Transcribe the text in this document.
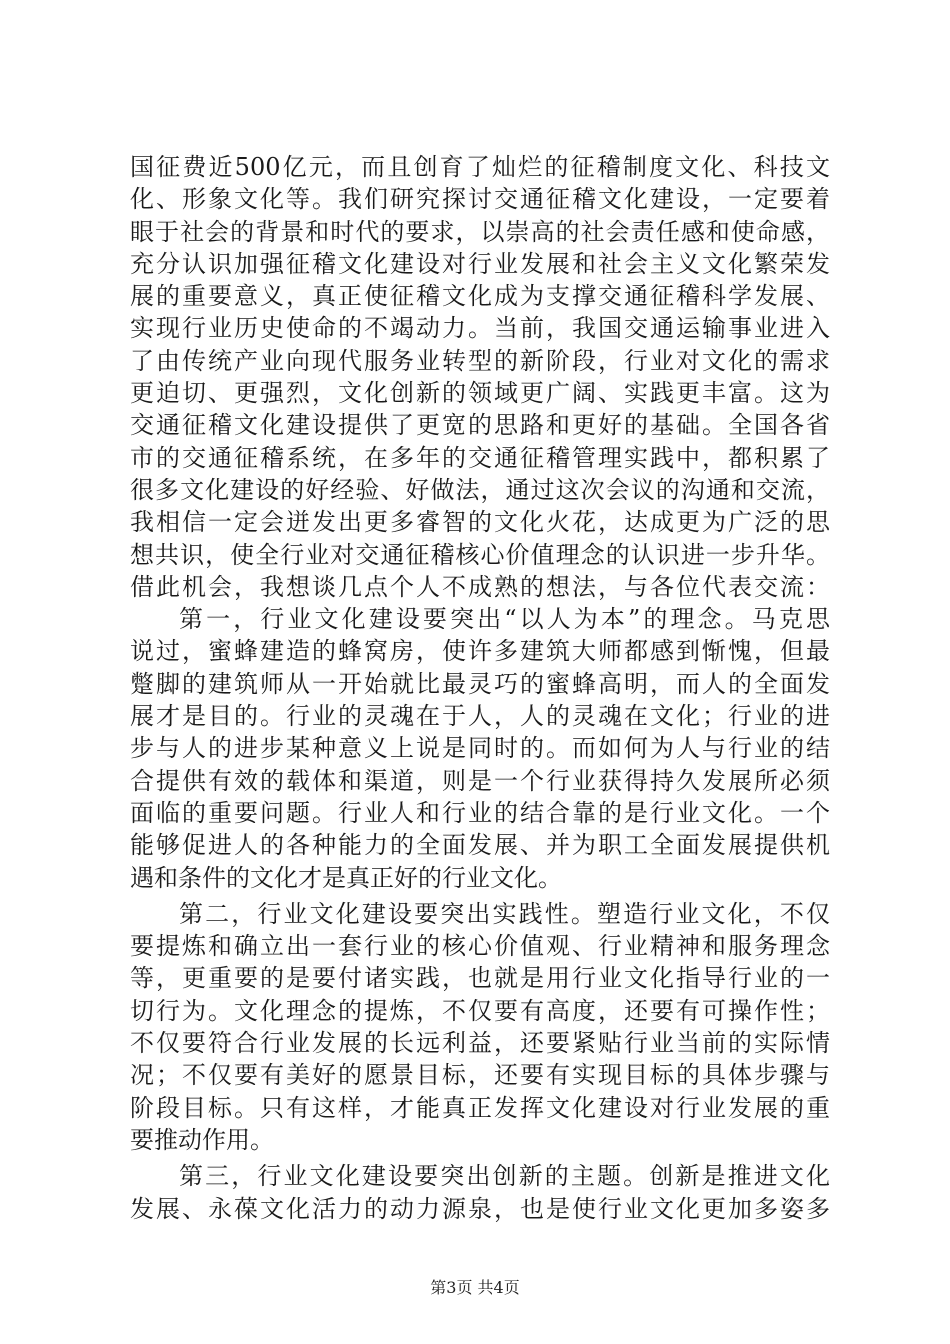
国征费近500亿元，而且创育了灿烂的征稽制度文化、科技文
化、形象文化等。我们研究探讨交通征稽文化建设，一定要着
眼于社会的背景和时代的要求，以崇高的社会责任感和使命感，
充分认识加强征稽文化建设对行业发展和社会主义文化繁荣发
展的重要意义，真正使征稽文化成为支撑交通征稽科学发展、
实现行业历史使命的不竭动力。当前，我国交通运输事业进入
了由传统产业向现代服务业转型的新阶段，行业对文化的需求
更迫切、更强烈，文化创新的领域更广阔、实践更丰富。这为
交通征稽文化建设提供了更宽的思路和更好的基础。全国各省
市的交通征稽系统，在多年的交通征稽管理实践中，都积累了
很多文化建设的好经验、好做法，通过这次会议的沟通和交流，
我相信一定会迸发出更多睿智的文化火花，达成更为广泛的思
想共识，使全行业对交通征稽核心价值理念的认识进一步升华。
借此机会，我想谈几点个人不成熟的想法，与各位代表交流：
第一，行业文化建设要突出“以人为本”的理念。马克思
说过，蜜蜂建造的蜂窝房，使许多建筑大师都感到惭愧，但最
蹩脚的建筑师从一开始就比最灵巧的蜜蜂高明，而人的全面发
展才是目的。行业的灵魂在于人，人的灵魂在文化；行业的进
步与人的进步某种意义上说是同时的。而如何为人与行业的结
合提供有效的载体和渠道，则是一个行业获得持久发展所必须
面临的重要问题。行业人和行业的结合靠的是行业文化。一个
能够促进人的各种能力的全面发展、并为职工全面发展提供机
遇和条件的文化才是真正好的行业文化。
第二，行业文化建设要突出实践性。塑造行业文化，不仅
要提炼和确立出一套行业的核心价值观、行业精神和服务理念
等，更重要的是要付诸实践，也就是用行业文化指导行业的一
切行为。文化理念的提炼，不仅要有高度，还要有可操作性；
不仅要符合行业发展的长远利益，还要紧贴行业当前的实际情
况；不仅要有美好的愿景目标，还要有实现目标的具体步骤与
阶段目标。只有这样，才能真正发挥文化建设对行业发展的重
要推动作用。
第三，行业文化建设要突出创新的主题。创新是推进文化
发展、永葆文化活力的动力源泉，也是使行业文化更加多姿多
第3页 共4页
